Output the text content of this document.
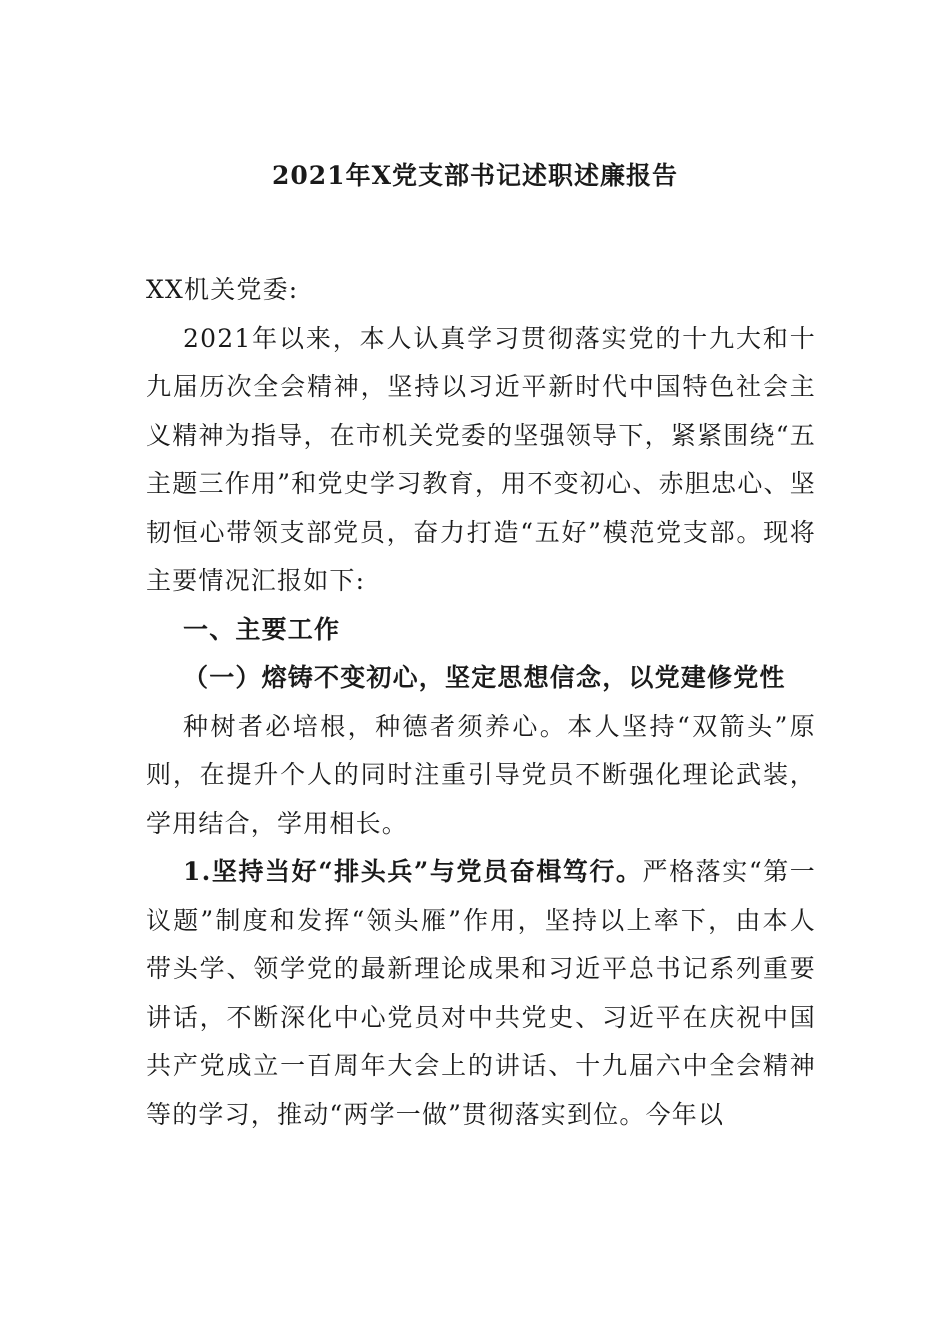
2021年X党支部书记述职述廉报告

XX机关党委:

2021年以来，本人认真学习贯彻落实党的十九大和十九届历次全会精神，坚持以习近平新时代中国特色社会主义精神为指导，在市机关党委的坚强领导下，紧紧围绕“五主题三作用”和党史学习教育，用不变初心、赤胆忠心、坚韧恒心带领支部党员，奋力打造“五好”模范党支部。现将主要情况汇报如下:

一、主要工作

（一）熔铸不变初心，坚定思想信念，以党建修党性

种树者必培根，种德者须养心。本人坚持“双箭头”原则，在提升个人的同时注重引导党员不断强化理论武装，学用结合，学用相长。

1.坚持当好“排头兵”与党员奋楫笃行。严格落实“第一议题”制度和发挥“领头雁”作用，坚持以上率下，由本人带头学、领学党的最新理论成果和习近平总书记系列重要讲话，不断深化中心党员对中共党史、习近平在庆祝中国共产党成立一百周年大会上的讲话、十九届六中全会精神等的学习，推动“两学一做”贯彻落实到位。今年以
